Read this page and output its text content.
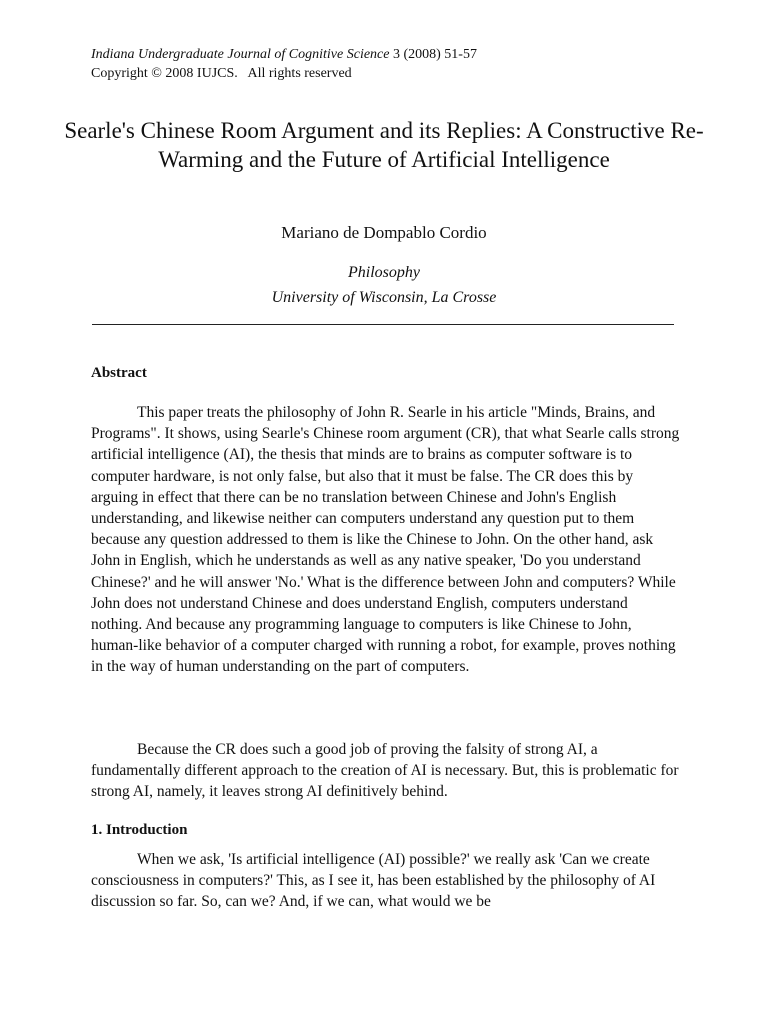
Indiana Undergraduate Journal of Cognitive Science 3 (2008) 51-57
Copyright © 2008 IUJCS.   All rights reserved
Searle's Chinese Room Argument and its Replies: A Constructive Re-Warming and the Future of Artificial Intelligence
Mariano de Dompablo Cordio
Philosophy
University of Wisconsin, La Crosse
Abstract

This paper treats the philosophy of John R. Searle in his article "Minds, Brains, and Programs". It shows, using Searle's Chinese room argument (CR), that what Searle calls strong artificial intelligence (AI), the thesis that minds are to brains as computer software is to computer hardware, is not only false, but also that it must be false. The CR does this by arguing in effect that there can be no translation between Chinese and John's English understanding, and likewise neither can computers understand any question put to them because any question addressed to them is like the Chinese to John. On the other hand, ask John in English, which he understands as well as any native speaker, 'Do you understand Chinese?' and he will answer 'No.' What is the difference between John and computers? While John does not understand Chinese and does understand English, computers understand nothing. And because any programming language to computers is like Chinese to John, human-like behavior of a computer charged with running a robot, for example, proves nothing in the way of human understanding on the part of computers.

Because the CR does such a good job of proving the falsity of strong AI, a fundamentally different approach to the creation of AI is necessary. But, this is problematic for strong AI, namely, it leaves strong AI definitively behind.

1. Introduction

When we ask, 'Is artificial intelligence (AI) possible?' we really ask 'Can we create consciousness in computers?' This, as I see it, has been established by the philosophy of AI discussion so far. So, can we? And, if we can, what would we be
